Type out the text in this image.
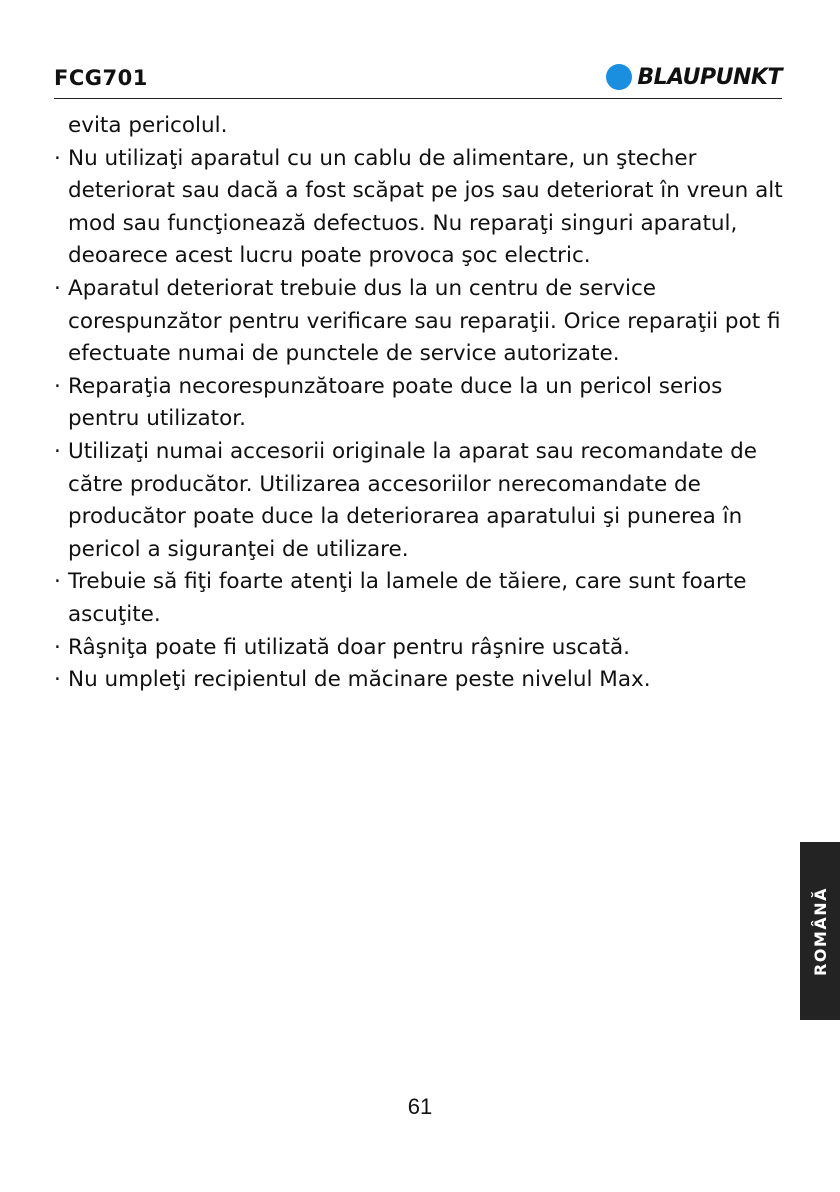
FCG701	BLAUPUNKT

evita pericolul.

· Nu utilizaţi aparatul cu un cablu de alimentare, un ştecher deteriorat sau dacă a fost scăpat pe jos sau deteriorat în vreun alt mod sau funcţionează defectuos. Nu reparaţi singuri aparatul, deoarece acest lucru poate provoca şoc electric.
· Aparatul deteriorat trebuie dus la un centru de service corespunzător pentru verificare sau reparaţii. Orice reparaţii pot fi efectuate numai de punctele de service autorizate.
· Reparaţia necorespunzătoare poate duce la un pericol serios pentru utilizator.
· Utilizaţi numai accesorii originale la aparat sau recomandate de către producător. Utilizarea accesoriilor nerecomandate de producător poate duce la deteriorarea aparatului şi punerea în pericol a siguranţei de utilizare.
· Trebuie să fiţi foarte atenţi la lamele de tăiere, care sunt foarte ascuţite.
· Râşniţa poate fi utilizată doar pentru râşnire uscată.
· Nu umpleţi recipientul de măcinare peste nivelul Max.
ROMÂNĂ
61
